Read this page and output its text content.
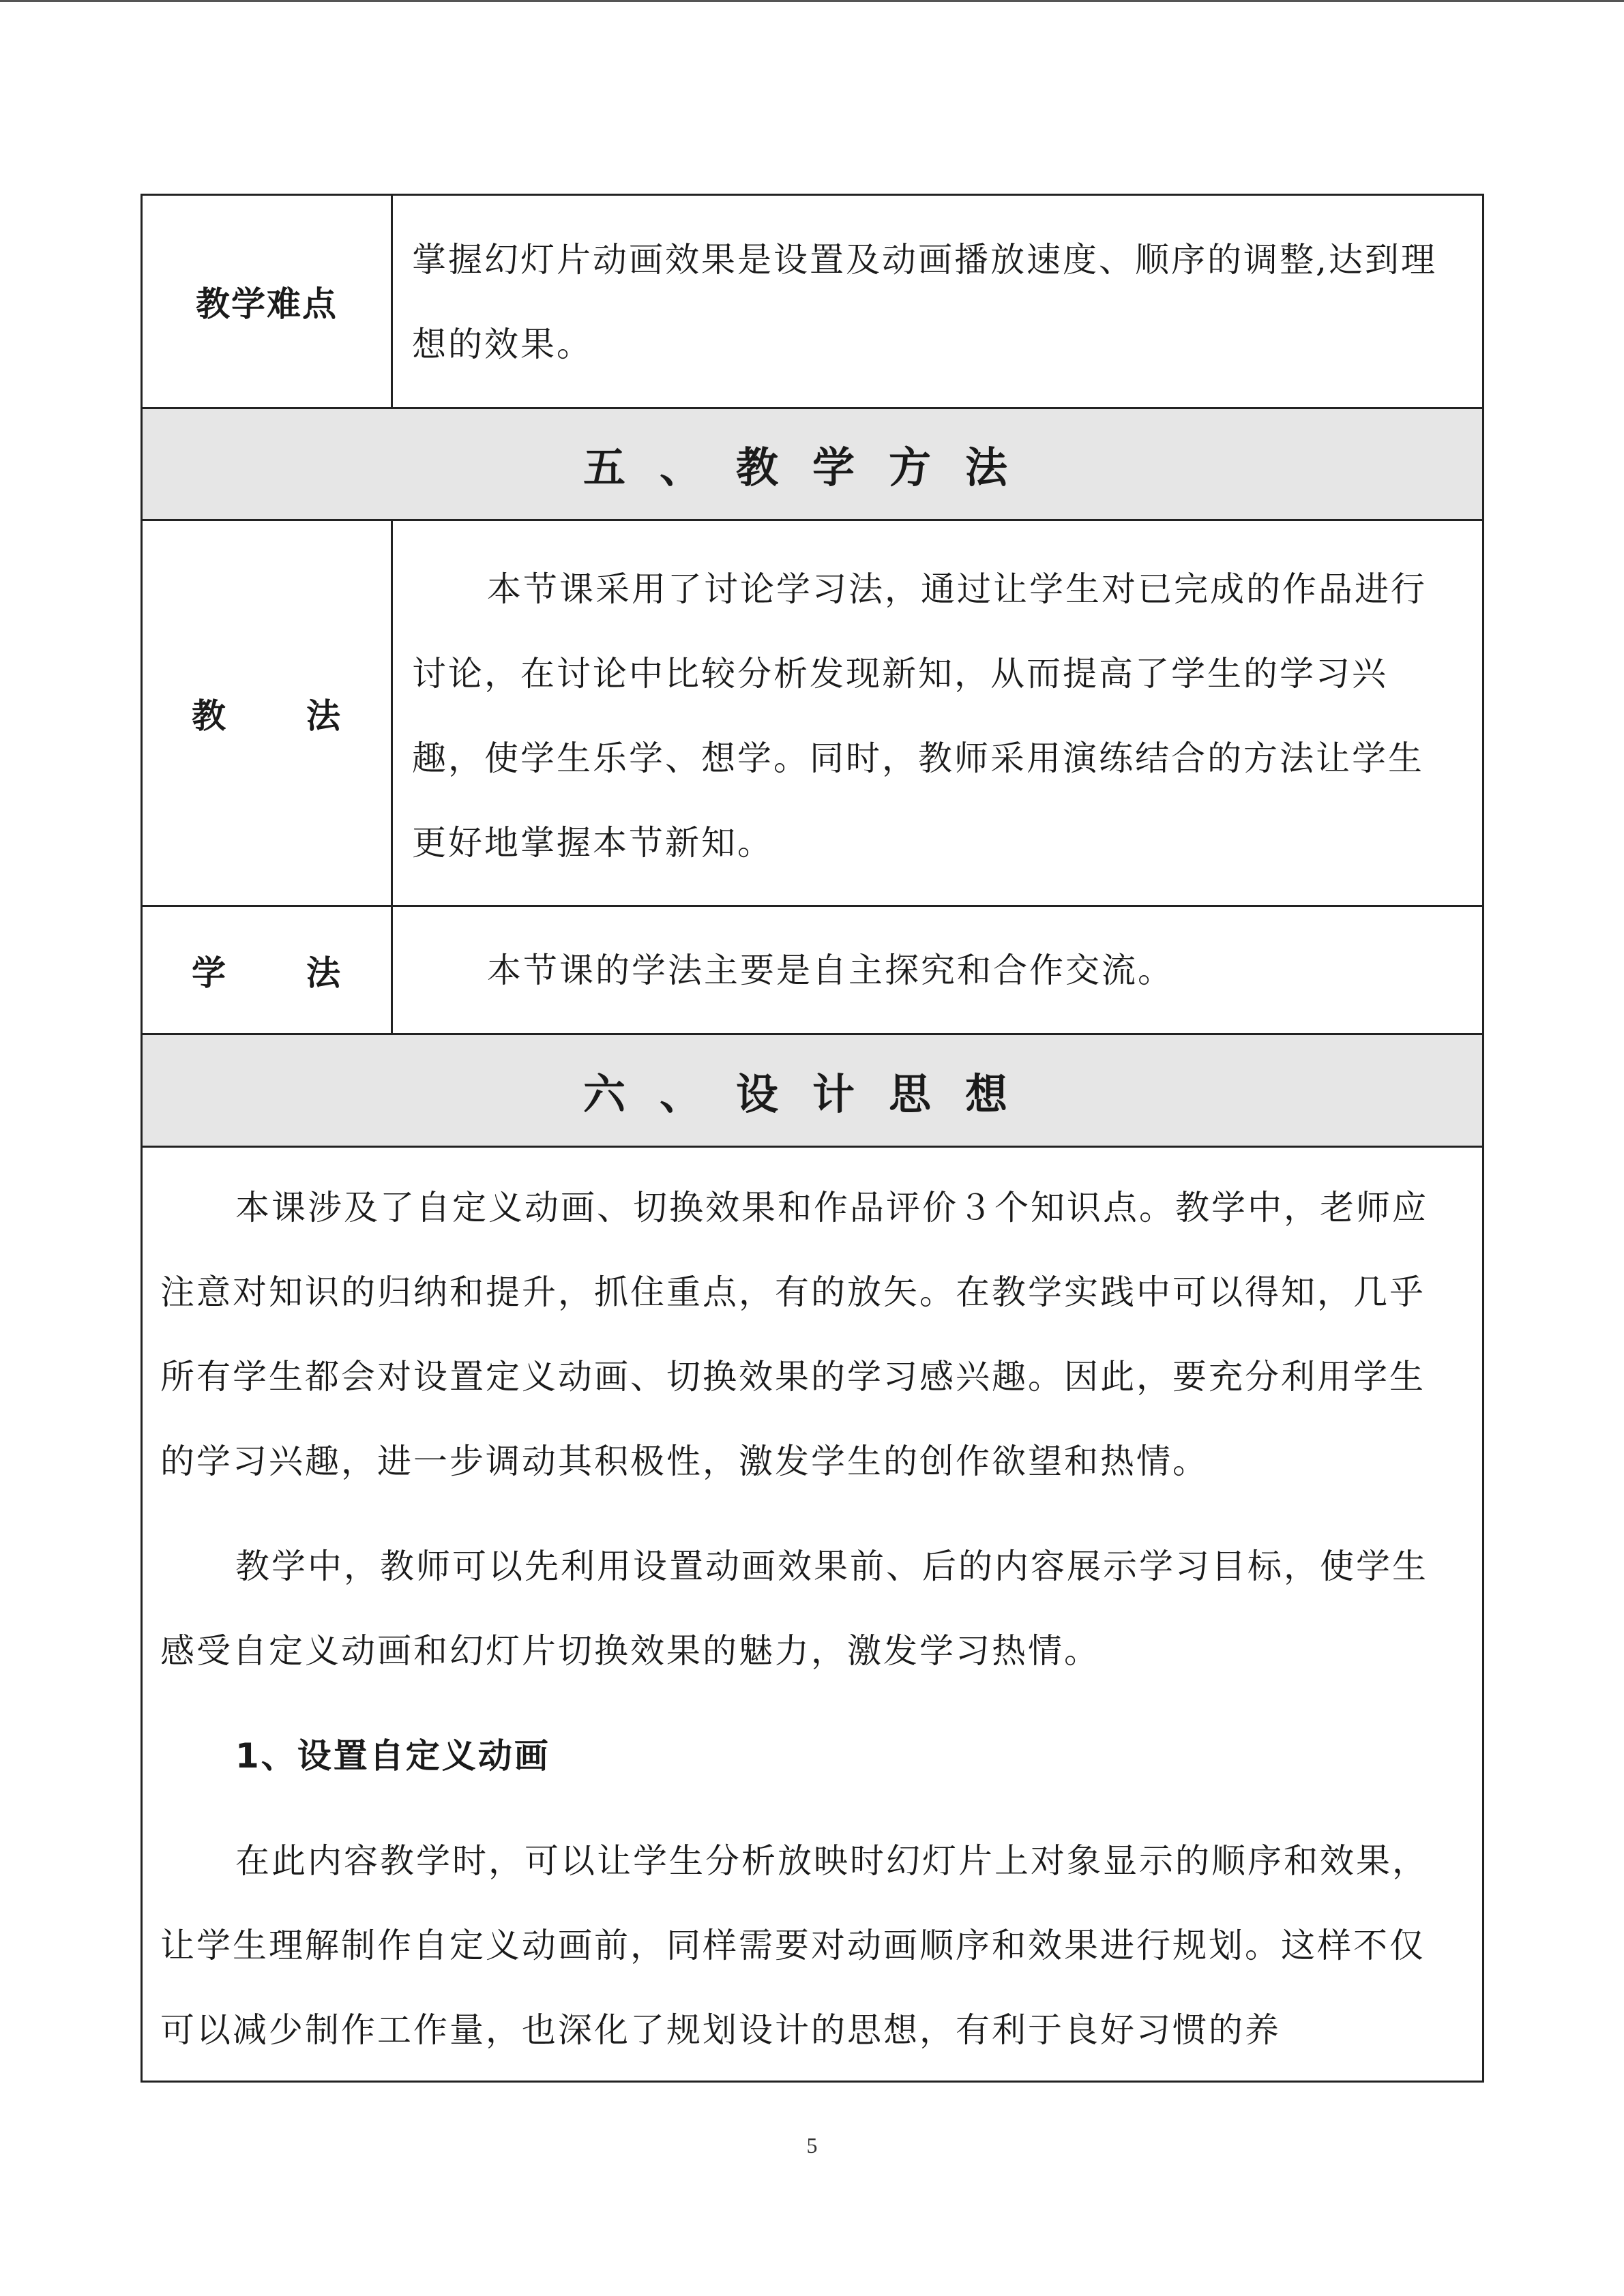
教学难点
掌握幻灯片动画效果是设置及动画播放速度、顺序的调整,达到理想的效果。
五、教学方法
教 法

本节课采用了讨论学习法，通过让学生对已完成的作品进行讨论，在讨论中比较分析发现新知，从而提高了学生的学习兴趣，使学生乐学、想学。同时，教师采用演练结合的方法让学生更好地掌握本节新知。

学 法	本节课的学法主要是自主探究和合作交流。

六、设计思想

本课涉及了自定义动画、切换效果和作品评价３个知识点。教学中，老师应注意对知识的归纳和提升，抓住重点，有的放矢。在教学实践中可以得知，几乎所有学生都会对设置定义动画、切换效果的学习感兴趣。因此，要充分利用学生的学习兴趣，进一步调动其积极性，激发学生的创作欲望和热情。

教学中，教师可以先利用设置动画效果前、后的内容展示学习目标，使学生感受自定义动画和幻灯片切换效果的魅力，激发学习热情。

1、设置自定义动画

在此内容教学时，可以让学生分析放映时幻灯片上对象显示的顺序和效果，让学生理解制作自定义动画前，同样需要对动画顺序和效果进行规划。这样不仅可以减少制作工作量，也深化了规划设计的思想，有利于良好习惯的养

5
